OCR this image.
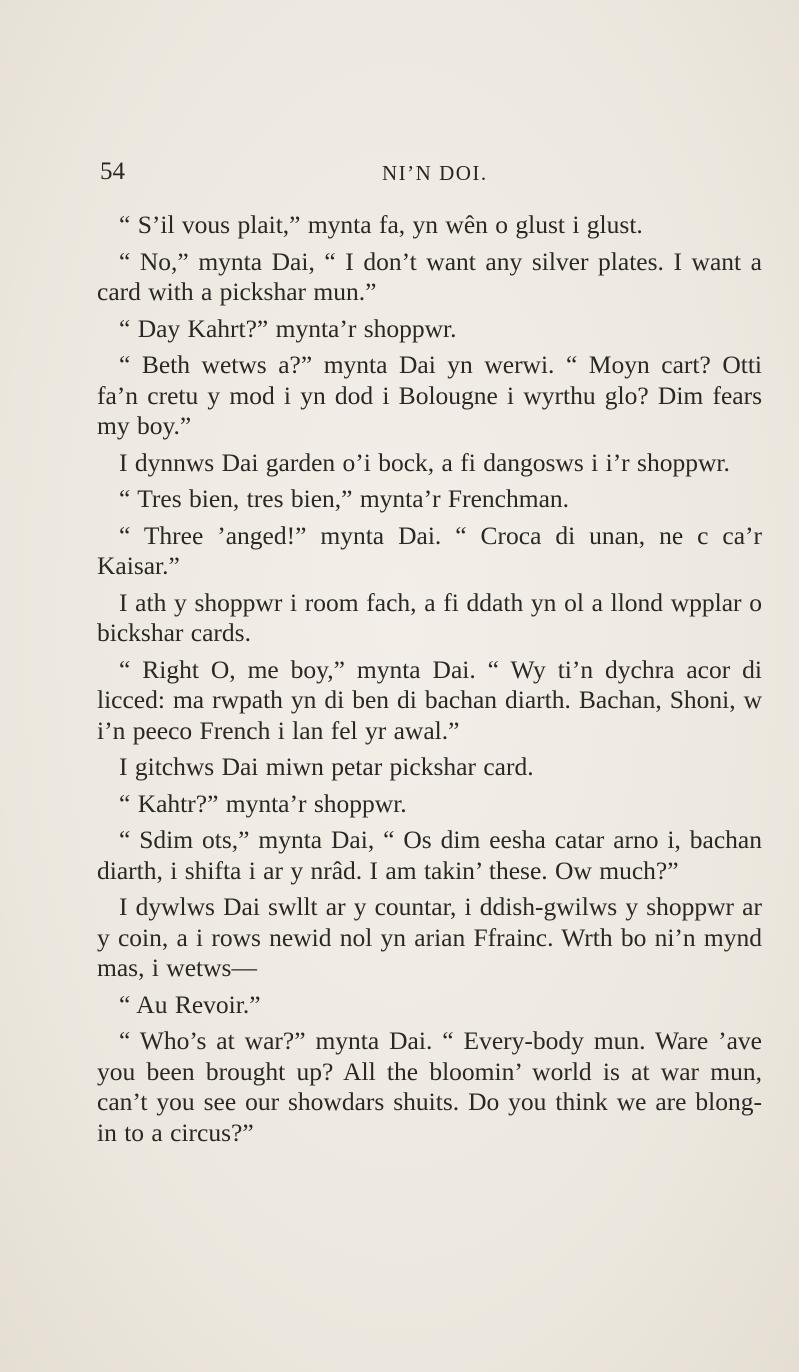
54	NI’N DOI.

“ S’il vous plait,” mynta fa, yn wên o glust i glust.

“ No,” mynta Dai, “ I don’t want any silver plates. I want a card with a pickshar mun.”

“ Day Kahrt?” mynta’r shoppwr.

“ Beth wetws a?” mynta Dai yn werwi. “ Moyn cart? Otti fa’n cretu y mod i yn dod i Bolougne i wyrthu glo? Dim fears my boy.”

I dynnws Dai garden o’i bock, a fi dangosws i i’r shoppwr.

“ Tres bien, tres bien,” mynta’r Frenchman.

“ Three ’anged!” mynta Dai. “ Croca di unan, ne c ca’r Kaisar.”

I ath y shoppwr i room fach, a fi ddath yn ol a llond wpplar o bickshar cards.

“ Right O, me boy,” mynta Dai. “ Wy ti’n dychra acor di licced: ma rwpath yn di ben di bachan diarth. Bachan, Shoni, w i’n peeco French i lan fel yr awal.”

I gitchws Dai miwn petar pickshar card.

“ Kahtr?” mynta’r shoppwr.

“ Sdim ots,” mynta Dai, “ Os dim eesha catar arno i, bachan diarth, i shifta i ar y nrâd. I am takin’ these. Ow much?”

I dywlws Dai swllt ar y countar, i ddish-gwilws y shoppwr ar y coin, a i rows newid nol yn arian Ffrainc. Wrth bo ni’n mynd mas, i wetws—

“ Au Revoir.”

“ Who’s at war?” mynta Dai. “ Every-body mun. Ware ’ave you been brought up? All the bloomin’ world is at war mun, can’t you see our showdars shuits. Do you think we are blong-in to a circus?”
